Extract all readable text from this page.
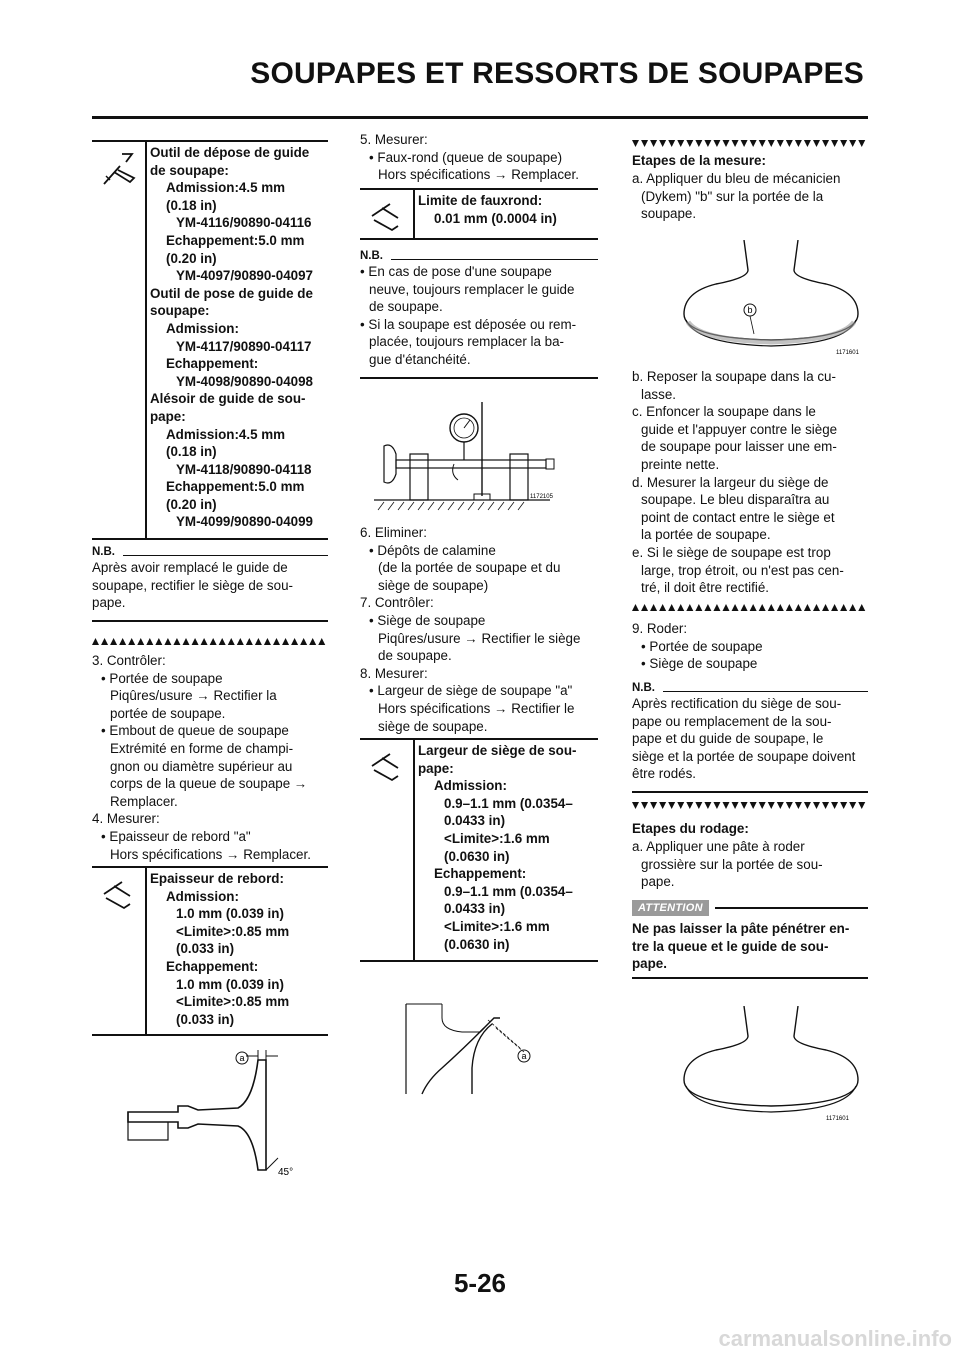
SOUPAPES ET RESSORTS DE SOUPAPES
Outil de dépose de guide
de soupape:
Admission:4.5 mm
(0.18 in)
YM-4116/90890-04116
Echappement:5.0 mm
(0.20 in)
YM-4097/90890-04097
Outil de pose de guide de
soupape:
Admission:
YM-4117/90890-04117
Echappement:
YM-4098/90890-04098
Alésoir de guide de sou-
pape:
Admission:4.5 mm
(0.18 in)
YM-4118/90890-04118
Echappement:5.0 mm
(0.20 in)
YM-4099/90890-04099
N.B.
Après avoir remplacé le guide de
soupape, rectifier le siège de sou-
pape.
3. Contrôler:
• Portée de soupape
Piqûres/usure → Rectifier la
portée de soupape.
• Embout de queue de soupape
Extrémité en forme de champi-
gnon ou diamètre supérieur au
corps de la queue de soupape →
Remplacer.
4. Mesurer:
• Epaisseur de rebord "a"
Hors spécifications → Remplacer.
Epaisseur de rebord:
Admission:
1.0 mm (0.039 in)
<Limite>:0.85 mm
(0.033 in)
Echappement:
1.0 mm (0.039 in)
<Limite>:0.85 mm
(0.033 in)
a
45°
5. Mesurer:
• Faux-rond (queue de soupape)
Hors spécifications → Remplacer.
Limite de fauxrond:
0.01 mm (0.0004 in)
N.B.
• En cas de pose d'une soupape
neuve, toujours remplacer le guide
de soupape.
• Si la soupape est déposée ou rem-
placée, toujours remplacer la ba-
gue d'étanchéité.
1172105
6. Eliminer:
• Dépôts de calamine
(de la portée de soupape et du
siège de soupape)
7. Contrôler:
• Siège de soupape
Piqûres/usure → Rectifier le siège
de soupape.
8. Mesurer:
• Largeur de siège de soupape "a"
Hors spécifications → Rectifier le
siège de soupape.
Largeur de siège de sou-
pape:
Admission:
0.9–1.1 mm (0.0354–
0.0433 in)
<Limite>:1.6 mm
(0.0630 in)
Echappement:
0.9–1.1 mm (0.0354–
0.0433 in)
<Limite>:1.6 mm
(0.0630 in)
a
Etapes de la mesure:
a. Appliquer du bleu de mécanicien
(Dykem) "b" sur la portée de la
soupape.
b
1171601
b. Reposer la soupape dans la cu-
lasse.
c. Enfoncer la soupape dans le
guide et l'appuyer contre le siège
de soupape pour laisser une em-
preinte nette.
d. Mesurer la largeur du siège de
soupape. Le bleu disparaîtra au
point de contact entre le siège et
la portée de soupape.
e. Si le siège de soupape est trop
large, trop étroit, ou n'est pas cen-
tré, il doit être rectifié.
9. Roder:
• Portée de soupape
• Siège de soupape
N.B.
Après rectification du siège de sou-
pape ou remplacement de la sou-
pape et du guide de soupape, le
siège et la portée de soupape doivent
être rodés.
Etapes du rodage:
a. Appliquer une pâte à roder
grossière sur la portée de sou-
pape.
ATTENTION
Ne pas laisser la pâte pénétrer en-
tre la queue et le guide de sou-
pape.
1171601
5-26
carmanualsonline.info
